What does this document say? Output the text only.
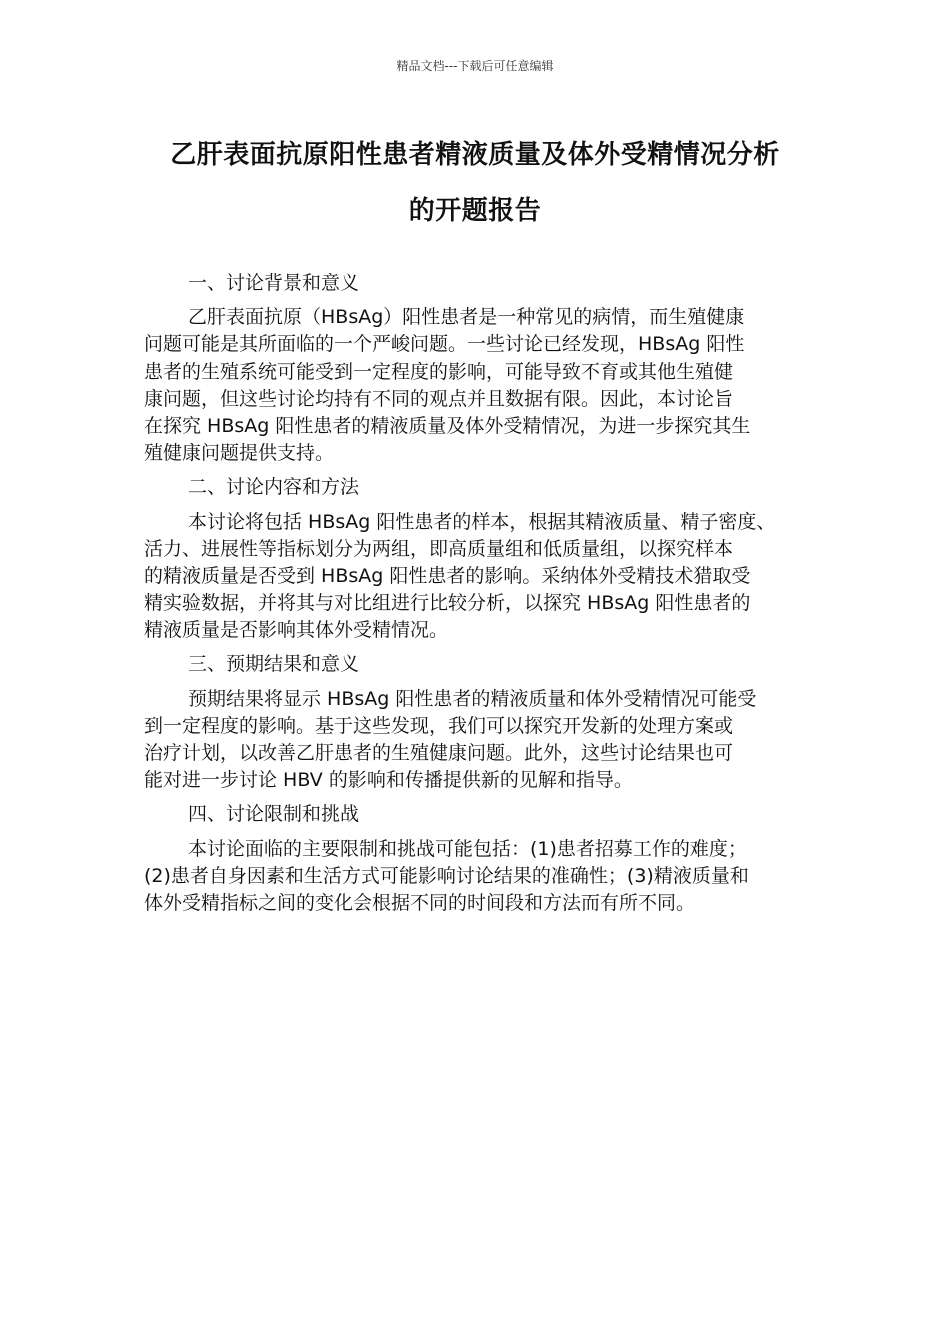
精品文档---下载后可任意编辑
乙肝表面抗原阳性患者精液质量及体外受精情况分析
的开题报告
一、讨论背景和意义
乙肝表面抗原（HBsAg）阳性患者是一种常见的病情，而生殖健康
问题可能是其所面临的一个严峻问题。一些讨论已经发现，HBsAg 阳性
患者的生殖系统可能受到一定程度的影响，可能导致不育或其他生殖健
康问题，但这些讨论均持有不同的观点并且数据有限。因此，本讨论旨
在探究 HBsAg 阳性患者的精液质量及体外受精情况，为进一步探究其生
殖健康问题提供支持。
二、讨论内容和方法
本讨论将包括 HBsAg 阳性患者的样本，根据其精液质量、精子密度、
活力、进展性等指标划分为两组，即高质量组和低质量组，以探究样本
的精液质量是否受到 HBsAg 阳性患者的影响。采纳体外受精技术猎取受
精实验数据，并将其与对比组进行比较分析，以探究 HBsAg 阳性患者的
精液质量是否影响其体外受精情况。
三、预期结果和意义
预期结果将显示 HBsAg 阳性患者的精液质量和体外受精情况可能受
到一定程度的影响。基于这些发现，我们可以探究开发新的处理方案或
治疗计划，以改善乙肝患者的生殖健康问题。此外，这些讨论结果也可
能对进一步讨论 HBV 的影响和传播提供新的见解和指导。
四、讨论限制和挑战
本讨论面临的主要限制和挑战可能包括：(1)患者招募工作的难度；
(2)患者自身因素和生活方式可能影响讨论结果的准确性；(3)精液质量和
体外受精指标之间的变化会根据不同的时间段和方法而有所不同。
